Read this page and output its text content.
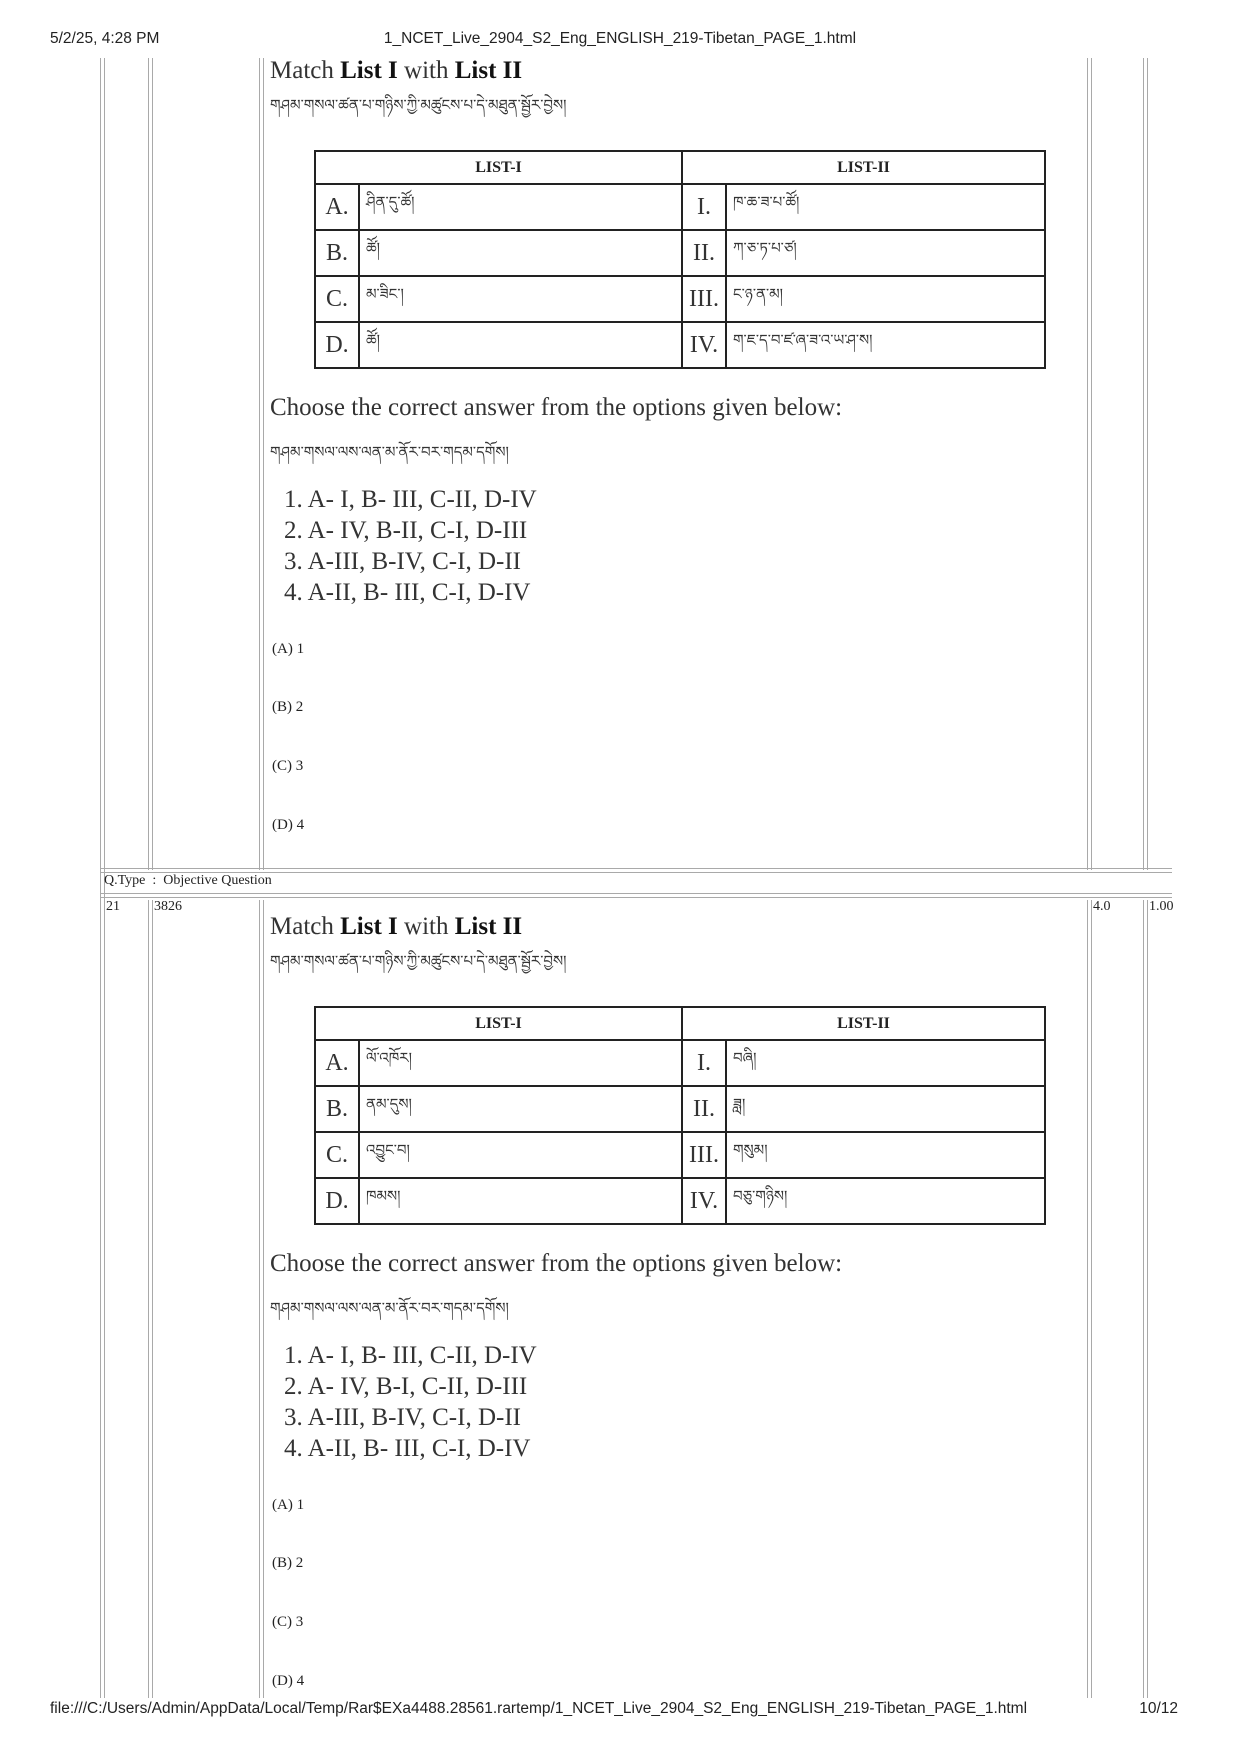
5/2/25, 4:28 PM	1_NCET_Live_2904_S2_Eng_ENGLISH_219-Tibetan_PAGE_1.html
Q.Type  :  Objective Question
21 3826	4.0	1.00

Match List I with List II

གཤམ་གསལ་ཚན་པ་གཉིས་ཀྱི་མཚུངས་པ་དེ་མཐུན་སྦྱོར་བྱེས།
LIST-I		LIST-II	
A.	ཤིན་དུ་ཚོ།	I.	ཁ་ཆ་ཟ་པ་ཚོ།
B.	ཚོ།	II.	ཀ་ཅ་ཏ་པ་ཙ།
C.	མ་ཟིང་།	III.	ང་ཉ་ན་མ།
D.	ཚོ།	IV.	ག་ཇ་ད་བ་ཛ་ཞ་ཟ་འ་ཡ་ཤ་ས།
Choose the correct answer from the options given below:
གཤམ་གསལ་ལས་ལན་མ་ནོར་བར་གདམ་དགོས།
1. A- I, B- III, C-II, D-IV
2. A- IV, B-II, C-I, D-III
3. A-III, B-IV, C-I, D-II
4. A-II, B- III, C-I, D-IV
(A) 1
(B) 2
(C) 3
(D) 4

Match List I with List II

གཤམ་གསལ་ཚན་པ་གཉིས་ཀྱི་མཚུངས་པ་དེ་མཐུན་སྦྱོར་བྱེས།
LIST-I		LIST-II	
A.	ལོ་འཁོར།	I.	བཞི།
B.	ནམ་དུས།	II.	ཟླ།
C.	འབྱུང་བ།	III.	གསུམ།
D.	ཁམས།	IV.	བཅུ་གཉིས།
Choose the correct answer from the options given below:
གཤམ་གསལ་ལས་ལན་མ་ནོར་བར་གདམ་དགོས།
1. A- I, B- III, C-II, D-IV
2. A- IV, B-I, C-II, D-III
3. A-III, B-IV, C-I, D-II
4. A-II, B- III, C-I, D-IV
(A) 1
(B) 2
(C) 3
(D) 4
file:///C:/Users/Admin/AppData/Local/Temp/Rar$EXa4488.28561.rartemp/1_NCET_Live_2904_S2_Eng_ENGLISH_219-Tibetan_PAGE_1.html	10/12
